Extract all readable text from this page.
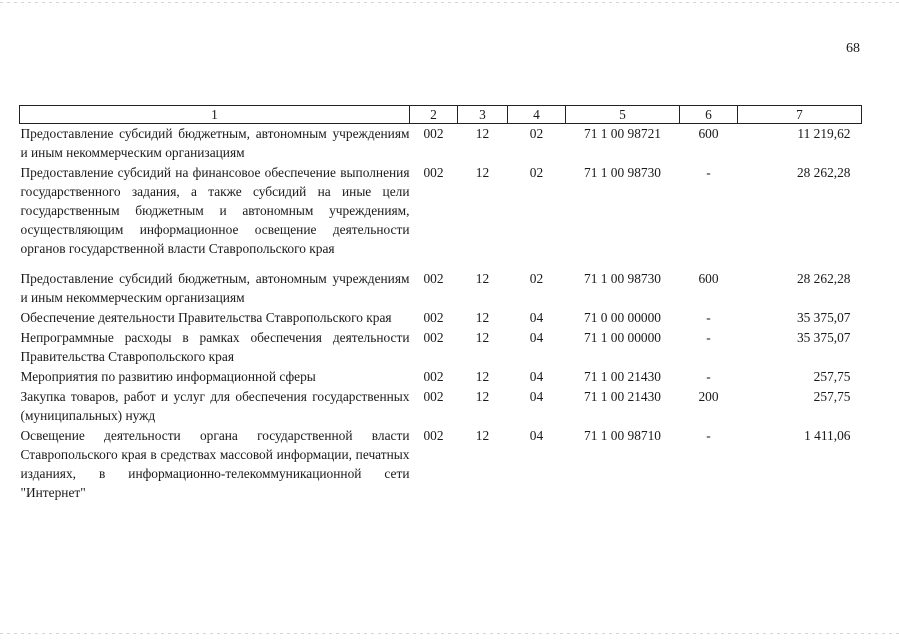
68
1	2	3	4	5	6	7
Предоставление субсидий бюджетным, автономным учреждениям и иным некоммерческим организациям	002	12	02	71 1 00 98721	600	11 219,62
Предоставление субсидий на финансовое обеспечение выполнения государственного задания, а также субсидий на иные цели государственным бюджетным и автономным учреждениям, осуществляющим информационное освещение деятельности органов государственной власти Ставропольского края	002	12	02	71 1 00 98730	-	28 262,28
Предоставление субсидий бюджетным, автономным учреждениям и иным некоммерческим организациям	002	12	02	71 1 00 98730	600	28 262,28
Обеспечение деятельности Правительства Ставропольского края	002	12	04	71 0 00 00000	-	35 375,07
Непрограммные расходы в рамках обеспечения деятельности Правительства Ставропольского края	002	12	04	71 1 00 00000	-	35 375,07
Мероприятия по развитию информационной сферы	002	12	04	71 1 00 21430	-	257,75
Закупка товаров, работ и услуг для обеспечения государственных (муниципальных) нужд	002	12	04	71 1 00 21430	200	257,75
Освещение деятельности органа государственной власти Ставропольского края в средствах массовой информации, печатных изданиях, в информационно-телекоммуникационной сети "Интернет"	002	12	04	71 1 00 98710	-	1 411,06
